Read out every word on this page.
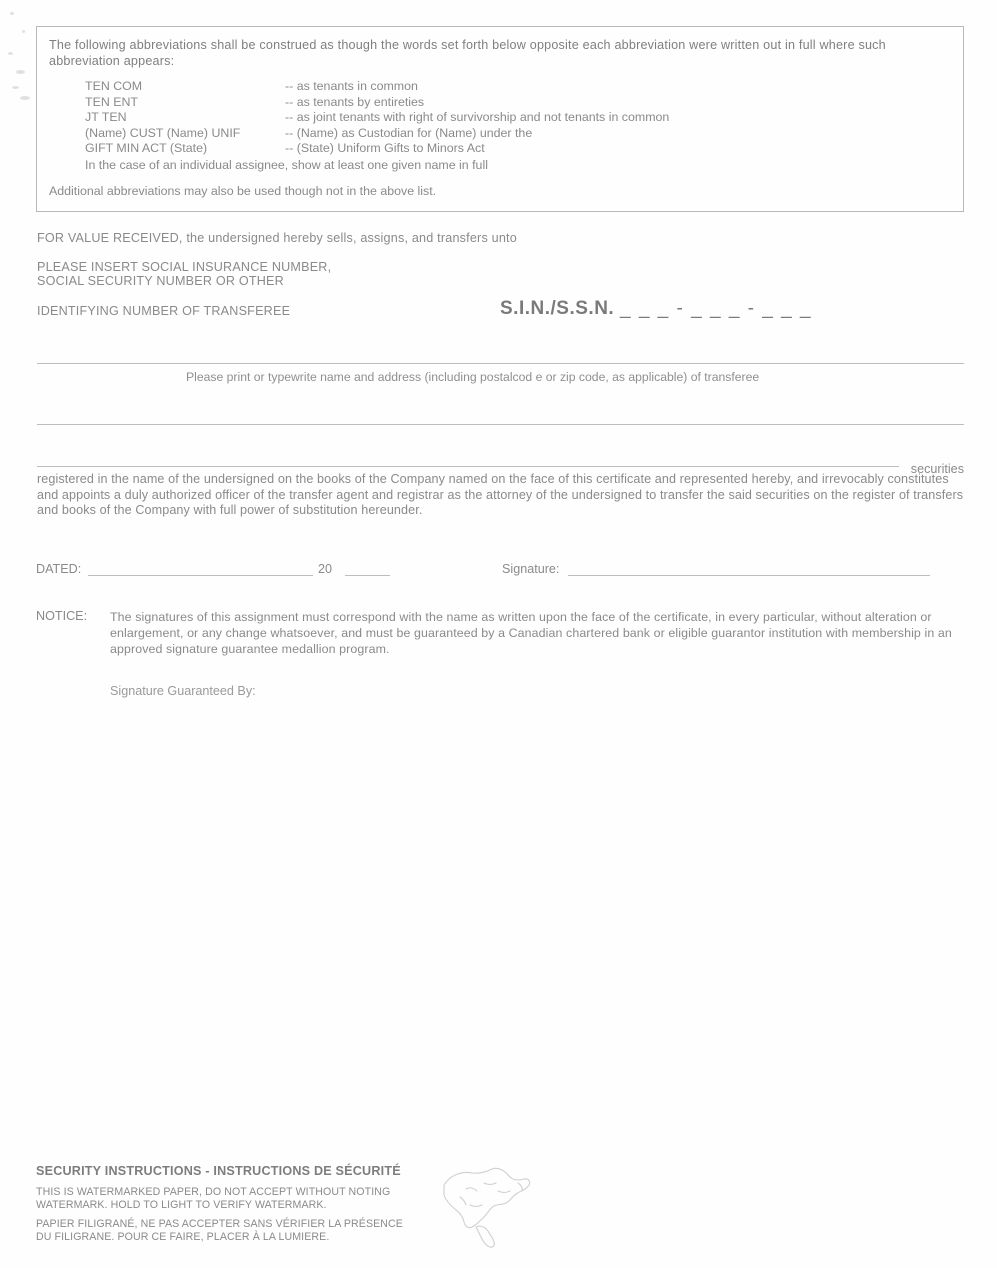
The following abbreviations shall be construed as though the words set forth below opposite each abbreviation were written out in full where such abbreviation appears:
TEN COM	-- as tenants in common
TEN ENT	-- as tenants by entireties
JT TEN	-- as joint tenants with right of survivorship and not tenants in common
(Name) CUST (Name) UNIF	-- (Name) as Custodian for (Name) under the
GIFT MIN ACT (State)	-- (State) Uniform Gifts to Minors Act
In the case of an individual assignee, show at least one given name in full
Additional abbreviations may also be used though not in the above list.
FOR VALUE RECEIVED, the undersigned hereby sells, assigns, and transfers unto
PLEASE INSERT SOCIAL INSURANCE NUMBER,
SOCIAL SECURITY NUMBER OR OTHER
IDENTIFYING NUMBER OF TRANSFEREE	S.I.N./S.S.N. _ _ _ - _ _ _ - _ _ _
Please print or typewrite name and address (including postalcod e or zip code, as applicable) of transferee
securities
registered in the name of the undersigned on the books of the Company named on the face of this certificate and represented hereby, and irrevocably constitutes and appoints a duly authorized officer of the transfer agent and registrar as the attorney of the undersigned to transfer the said securities on the register of transfers and books of the Company with full power of substitution hereunder.
DATED:	20	Signature:
NOTICE: The signatures of this assignment must correspond with the name as written upon the face of the certificate, in every particular, without alteration or enlargement, or any change whatsoever, and must be guaranteed by a Canadian chartered bank or eligible guarantor institution with membership in an approved signature guarantee medallion program.
Signature Guaranteed By:
SECURITY INSTRUCTIONS - INSTRUCTIONS DE SÉCURITÉ
THIS IS WATERMARKED PAPER, DO NOT ACCEPT WITHOUT NOTING
WATERMARK. HOLD TO LIGHT TO VERIFY WATERMARK.
PAPIER FILIGRANÉ, NE PAS ACCEPTER SANS VÉRIFIER LA PRÉSENCE
DU FILIGRANE. POUR CE FAIRE, PLACER À LA LUMIERE.
